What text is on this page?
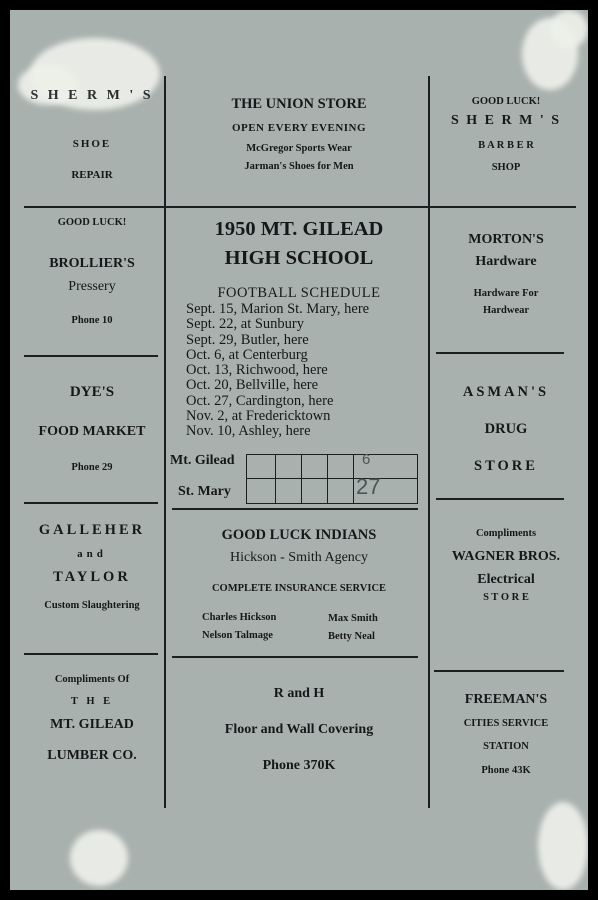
S H E R M ' S
SHOE
REPAIR
GOOD LUCK!
BROLLIER'S
Pressery
Phone 10
DYE'S
FOOD MARKET
Phone 29
GALLEHER
and
TAYLOR
Custom Slaughtering
Compliments Of
T H E
MT. GILEAD
LUMBER CO.
THE UNION STORE
OPEN EVERY EVENING
McGregor Sports Wear
Jarman's Shoes for Men
1950 MT. GILEAD
HIGH SCHOOL
FOOTBALL SCHEDULE
Sept. 15, Marion St. Mary, here
Sept. 22, at Sunbury
Sept. 29, Butler, here
Oct. 6, at Centerburg
Oct. 13, Richwood, here
Oct. 20, Bellville, here
Oct. 27, Cardington, here
Nov. 2, at Fredericktown
Nov. 10, Ashley, here
Mt. Gilead
St. Mary
6
27
GOOD LUCK INDIANS
Hickson - Smith Agency
COMPLETE INSURANCE SERVICE
Charles Hickson	Max Smith
Nelson Talmage	Betty Neal
R and H
Floor and Wall Covering
Phone 370K
GOOD LUCK!
S H E R M ' S
B A R B E R
SHOP
MORTON'S
Hardware
Hardware For
Hardwear
ASMAN'S
DRUG
STORE
Compliments
WAGNER BROS.
Electrical
S T O R E
FREEMAN'S
CITIES SERVICE
STATION
Phone 43K
